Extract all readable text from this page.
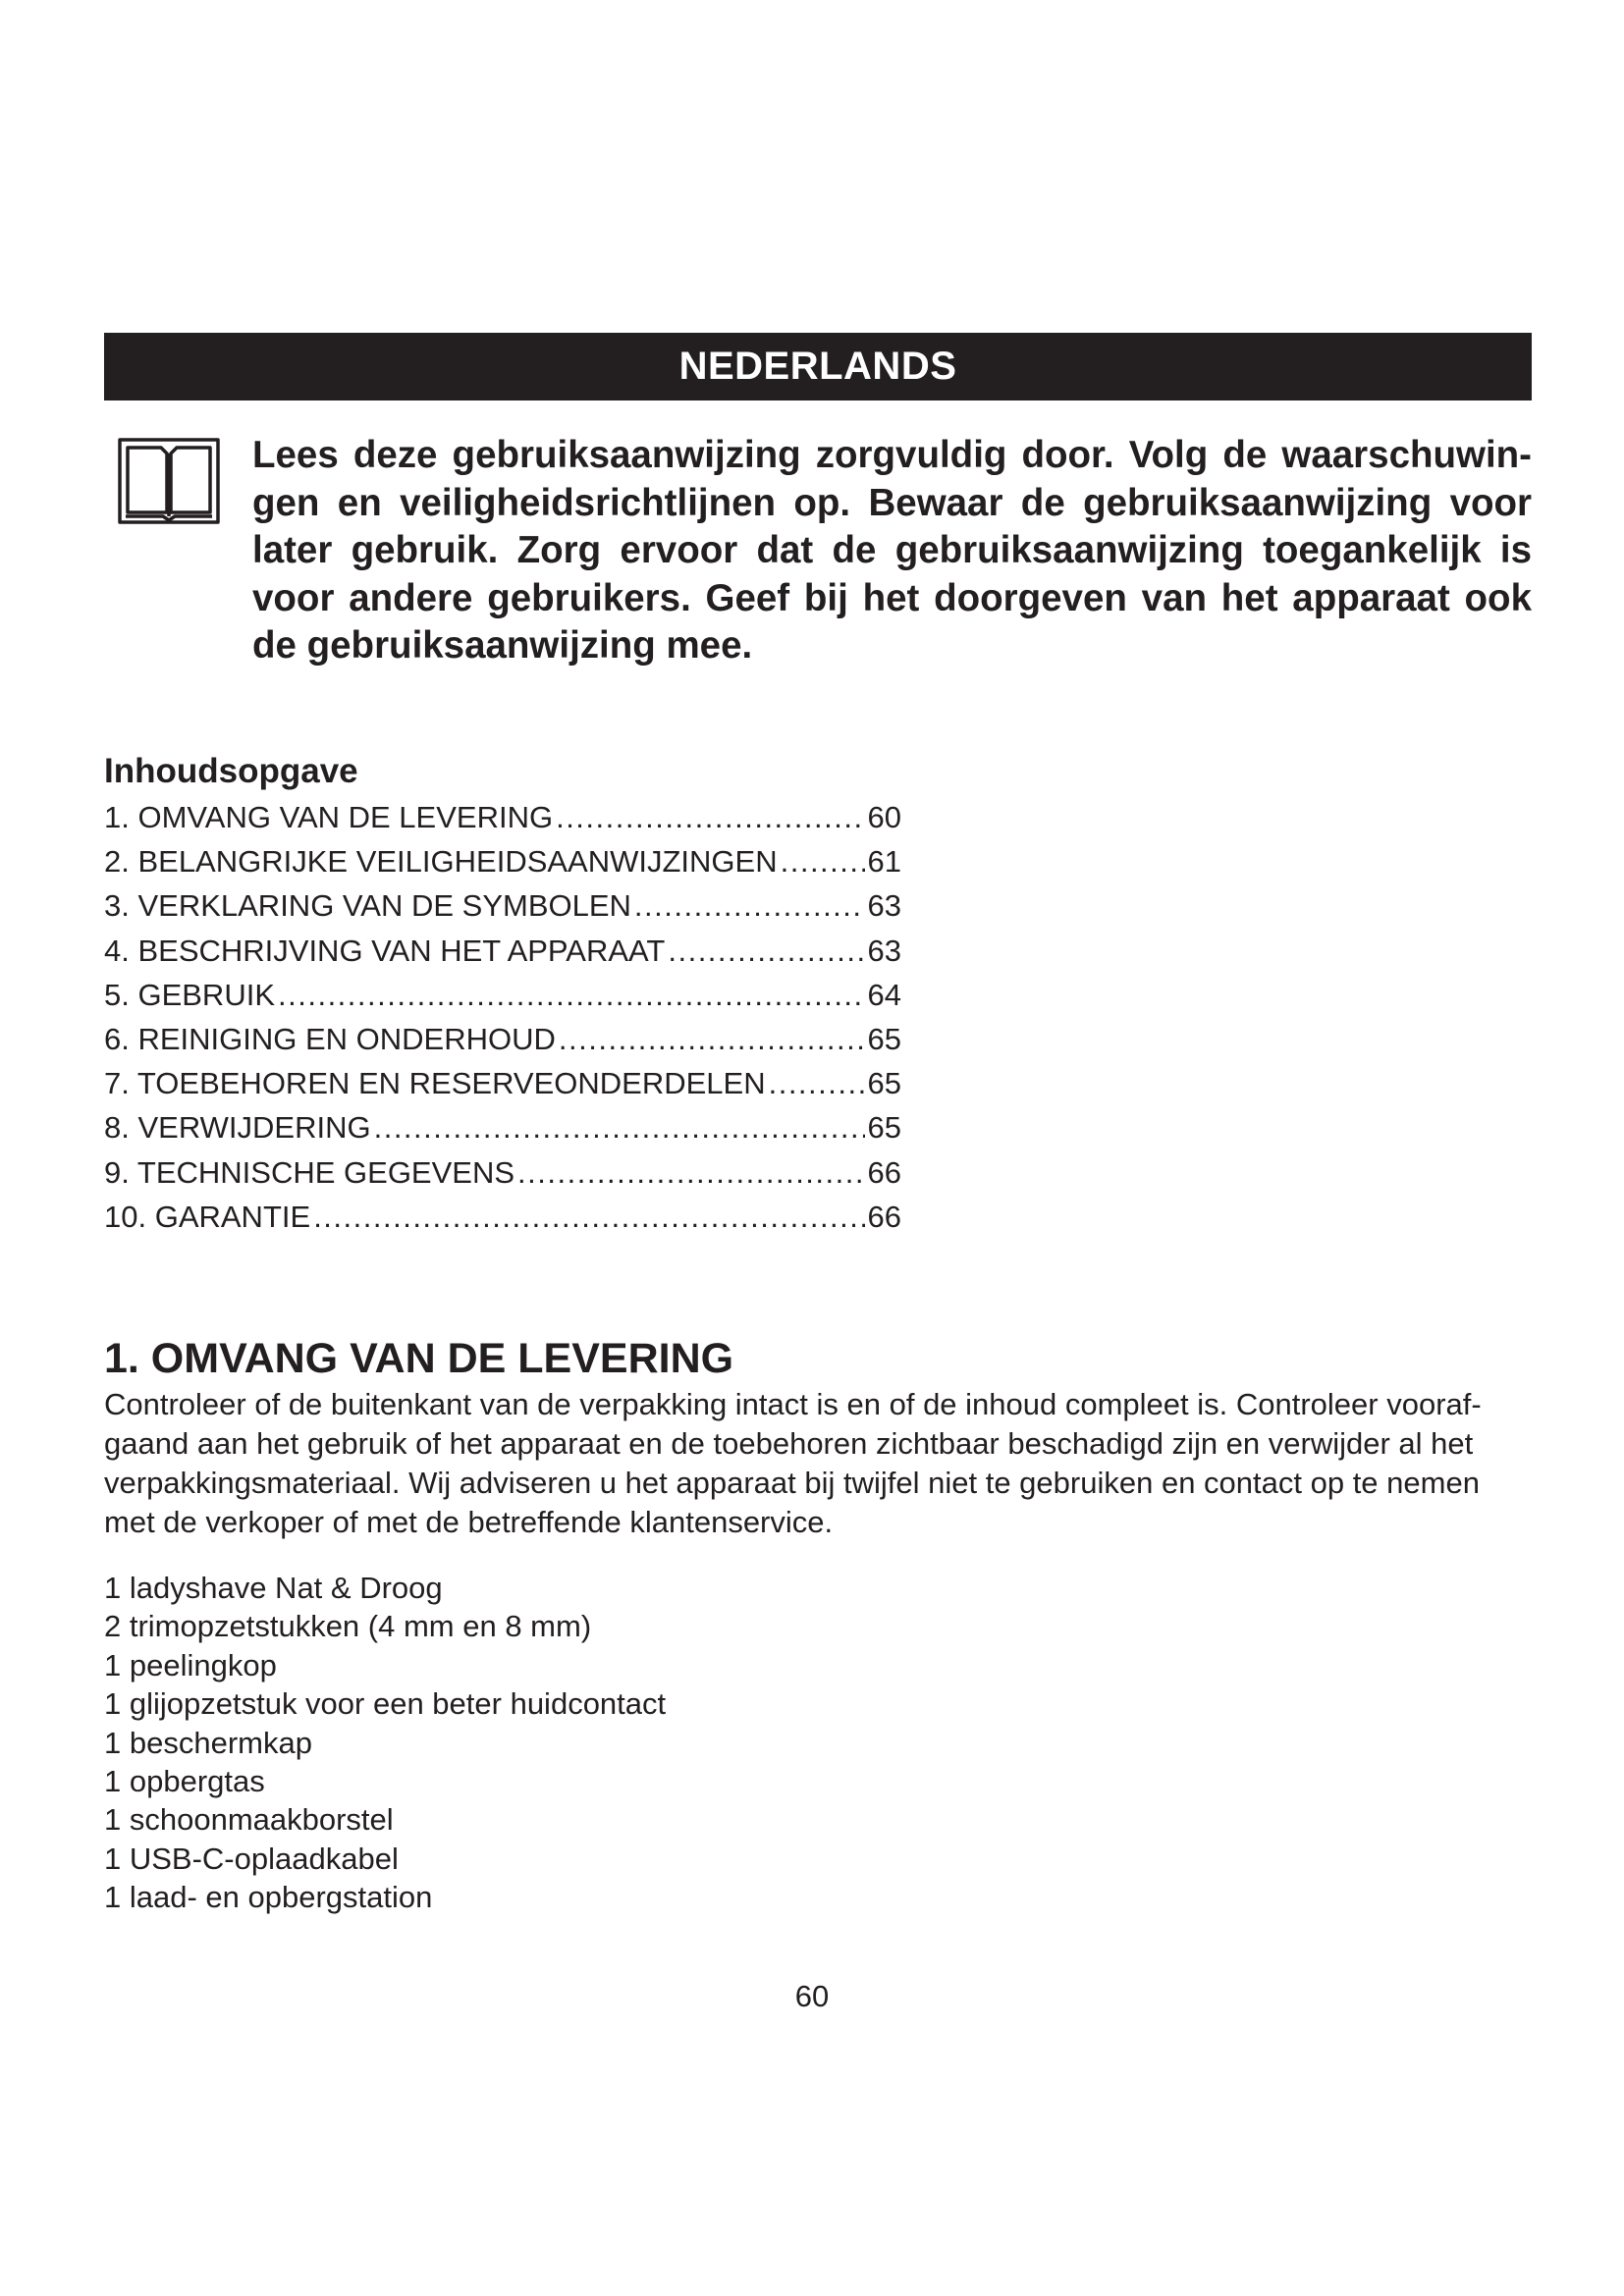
NEDERLANDS

Lees deze gebruiksaanwijzing zorgvuldig door. Volg de waarschuwin-gen en veiligheidsrichtlijnen op. Bewaar de gebruiksaanwijzing voor later gebruik. Zorg ervoor dat de gebruiksaanwijzing toegankelijk is voor andere gebruikers. Geef bij het doorgeven van het apparaat ook de gebruiksaanwijzing mee.

Inhoudsopgave
1. OMVANG VAN DE LEVERING .....	60
2. BELANGRIJKE VEILIGHEIDSAANWIJZINGEN .....	61
3. VERKLARING VAN DE SYMBOLEN .....	63
4. BESCHRIJVING VAN HET APPARAAT .....	63
5. GEBRUIK .....	64
6. REINIGING EN ONDERHOUD .....	65
7. TOEBEHOREN EN RESERVEONDERDELEN .....	65
8. VERWIJDERING .....	65
9. TECHNISCHE GEGEVENS .....	66
10. GARANTIE .....	66
1. OMVANG VAN DE LEVERING

Controleer of de buitenkant van de verpakking intact is en of de inhoud compleet is. Controleer vooraf-gaand aan het gebruik of het apparaat en de toebehoren zichtbaar beschadigd zijn en verwijder al het verpakkingsmateriaal. Wij adviseren u het apparaat bij twijfel niet te gebruiken en contact op te nemen met de verkoper of met de betreffende klantenservice.

1 ladyshave Nat & Droog
2 trimopzetstukken (4 mm en 8 mm)
1 peelingkop
1 glijopzetstuk voor een beter huidcontact
1 beschermkap
1 opbergtas
1 schoonmaakborstel
1 USB-C-oplaadkabel
1 laad- en opbergstation
60
